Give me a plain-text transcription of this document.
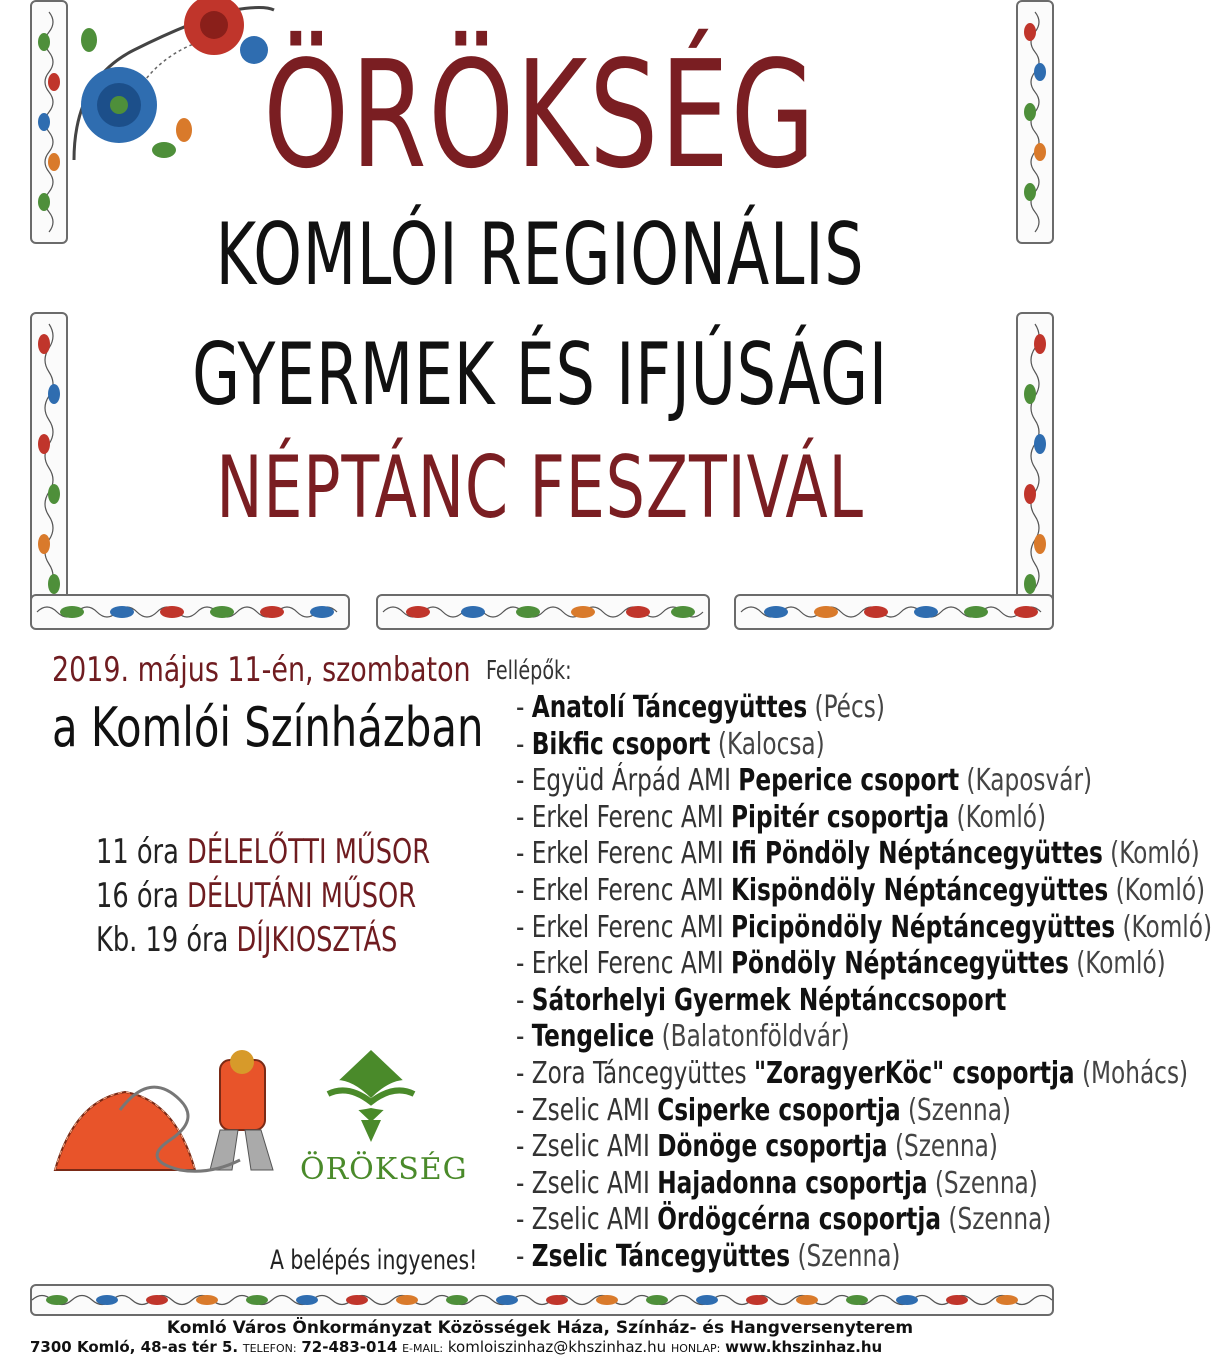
ÖRÖKSÉG
KOMLÓI REGIONÁLIS
GYERMEK ÉS IFJÚSÁGI
NÉPTÁNC FESZTIVÁL
2019. május 11-én, szombaton
a Komlói Színházban
11 óra DÉLELŐTTI MŰSOR
16 óra DÉLUTÁNI MŰSOR
Kb. 19 óra DÍJKIOSZTÁS
ÖRÖKSÉG
A belépés ingyenes!
Fellépők:
- Anatolí Táncegyüttes (Pécs)
- Bikfic csoport (Kalocsa)
- Együd Árpád AMI Peperice csoport (Kaposvár)
- Erkel Ferenc AMI Pipitér csoportja (Komló)
- Erkel Ferenc AMI Ifi Pöndöly Néptáncegyüttes (Komló)
- Erkel Ferenc AMI Kispöndöly Néptáncegyüttes (Komló)
- Erkel Ferenc AMI Picipöndöly Néptáncegyüttes (Komló)
- Erkel Ferenc AMI Pöndöly Néptáncegyüttes (Komló)
- Sátorhelyi Gyermek Néptánccsoport
- Tengelice (Balatonföldvár)
- Zora Táncegyüttes "ZoragyerKöc" csoportja (Mohács)
- Zselic AMI Csiperke csoportja (Szenna)
- Zselic AMI Dönöge csoportja (Szenna)
- Zselic AMI Hajadonna csoportja (Szenna)
- Zselic AMI Ördögcérna csoportja (Szenna)
- Zselic Táncegyüttes (Szenna)
Komló Város Önkormányzat Közösségek Háza, Színház- és Hangversenyterem
7300 Komló, 48-as tér 5. TELEFON: 72-483-014 E-MAIL: komloiszinhaz@khszinhaz.hu HONLAP: www.khszinhaz.hu
